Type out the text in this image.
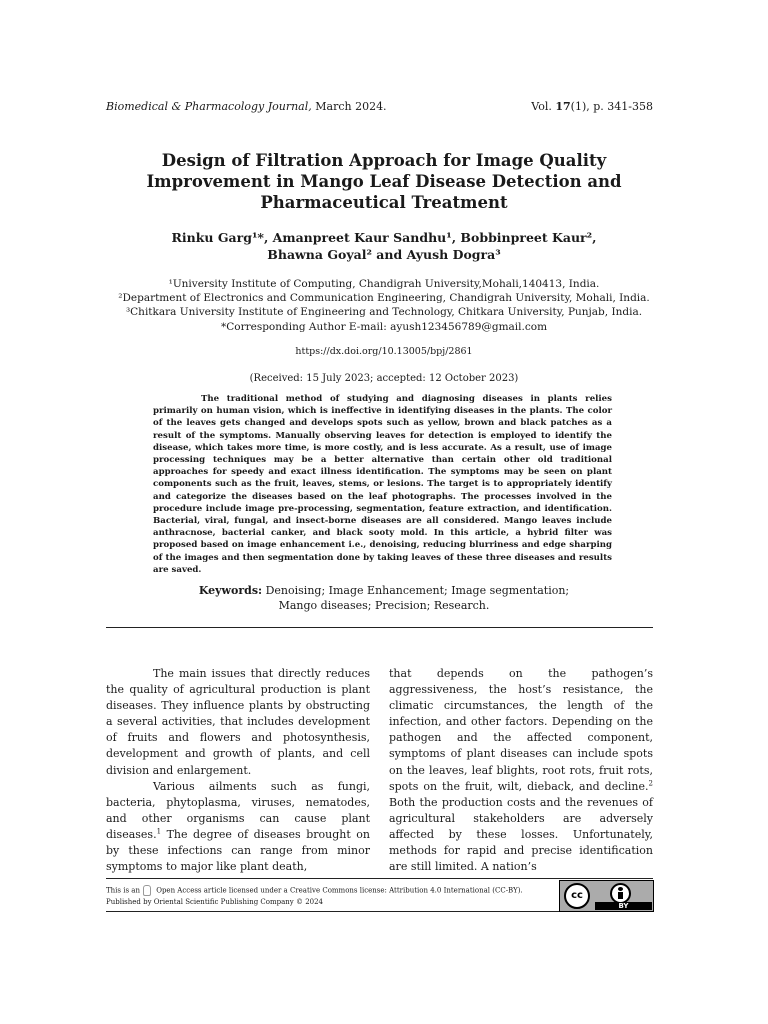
Biomedical & Pharmacology Journal, March 2024.	Vol. 17(1), p. 341-358
Design of Filtration Approach for Image Quality Improvement in Mango Leaf Disease Detection and Pharmaceutical Treatment
Rinku Garg¹*, Amanpreet Kaur Sandhu¹, Bobbinpreet Kaur²,
Bhawna Goyal² and Ayush Dogra³
¹University Institute of Computing, Chandigrah University,Mohali,140413, India.
²Department of Electronics and Communication Engineering, Chandigrah University, Mohali, India.
³Chitkara University Institute of Engineering and Technology, Chitkara University, Punjab, India.
*Corresponding Author E-mail: ayush123456789@gmail.com
https://dx.doi.org/10.13005/bpj/2861
(Received: 15 July 2023; accepted: 12 October 2023)
The traditional method of studying and diagnosing diseases in plants relies primarily on human vision, which is ineffective in identifying diseases in the plants. The color of the leaves gets changed and develops spots such as yellow, brown and black patches as a result of the symptoms. Manually observing leaves for detection is employed to identify the disease, which takes more time, is more costly, and is less accurate. As a result, use of image processing techniques may be a better alternative than certain other old traditional approaches for speedy and exact illness identification. The symptoms may be seen on plant components such as the fruit, leaves, stems, or lesions. The target is to appropriately identify and categorize the diseases based on the leaf photographs. The processes involved in the procedure include image pre-processing, segmentation, feature extraction, and identification. Bacterial, viral, fungal, and insect-borne diseases are all considered. Mango leaves include anthracnose, bacterial canker, and black sooty mold. In this article, a hybrid filter was proposed based on image enhancement i.e., denoising, reducing blurriness and edge sharping of the images and then segmentation done by taking leaves of these three diseases and results are saved.
Keywords: Denoising; Image Enhancement; Image segmentation;
Mango diseases; Precision; Research.

The main issues that directly reduces the quality of agricultural production is plant diseases. They influence plants by obstructing a several activities, that includes development of fruits and flowers and photosynthesis, development and growth of plants, and cell division and enlargement.

Various ailments such as fungi, bacteria, phytoplasma, viruses, nematodes, and other organisms can cause plant diseases.$^1$ The degree of diseases brought on by these infections can range from minor symptoms to major like plant death,

that depends on the pathogen’s aggressiveness, the host’s resistance, the climatic circumstances, the length of the infection, and other factors. Depending on the pathogen and the affected component, symptoms of plant diseases can include spots on the leaves, leaf blights, root rots, fruit rots, spots on the fruit, wilt, dieback, and decline.$^2$ Both the production costs and the revenues of agricultural stakeholders are adversely affected by these losses. Unfortunately, methods for rapid and precise identification are still limited. A nation’s

This is an Open Access article licensed under a Creative Commons license: Attribution 4.0 International (CC-BY).
Published by Oriental Scientific Publishing Company © 2024
cc
BY
